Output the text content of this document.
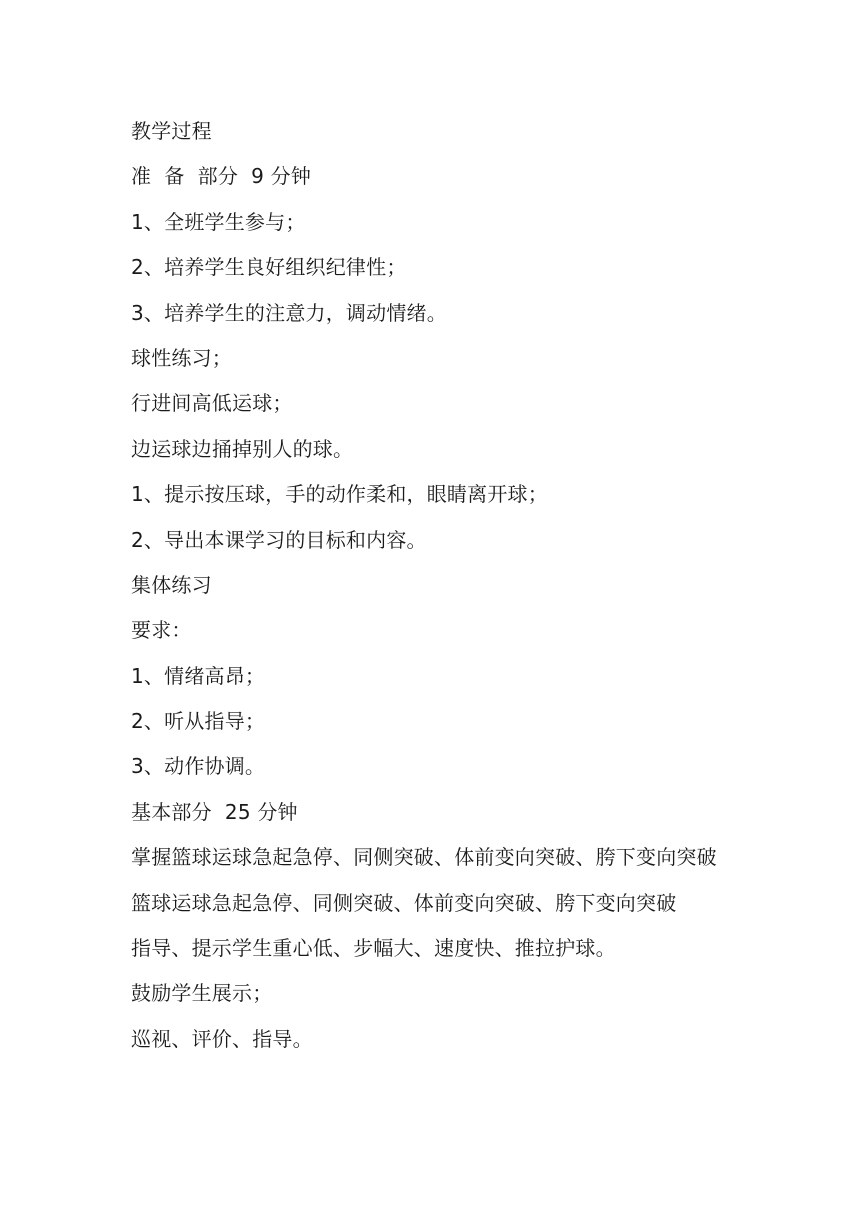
教学过程
准  备  部分  9 分钟
1、全班学生参与；
2、培养学生良好组织纪律性；
3、培养学生的注意力，调动情绪。
球性练习；
行进间高低运球；
边运球边捅掉别人的球。
1、提示按压球，手的动作柔和，眼睛离开球；
2、导出本课学习的目标和内容。
集体练习
要求：
1、情绪高昂；
2、听从指导；
3、动作协调。
基本部分  25 分钟
掌握篮球运球急起急停、同侧突破、体前变向突破、胯下变向突破
篮球运球急起急停、同侧突破、体前变向突破、胯下变向突破
指导、提示学生重心低、步幅大、速度快、推拉护球。
鼓励学生展示；
巡视、评价、指导。
